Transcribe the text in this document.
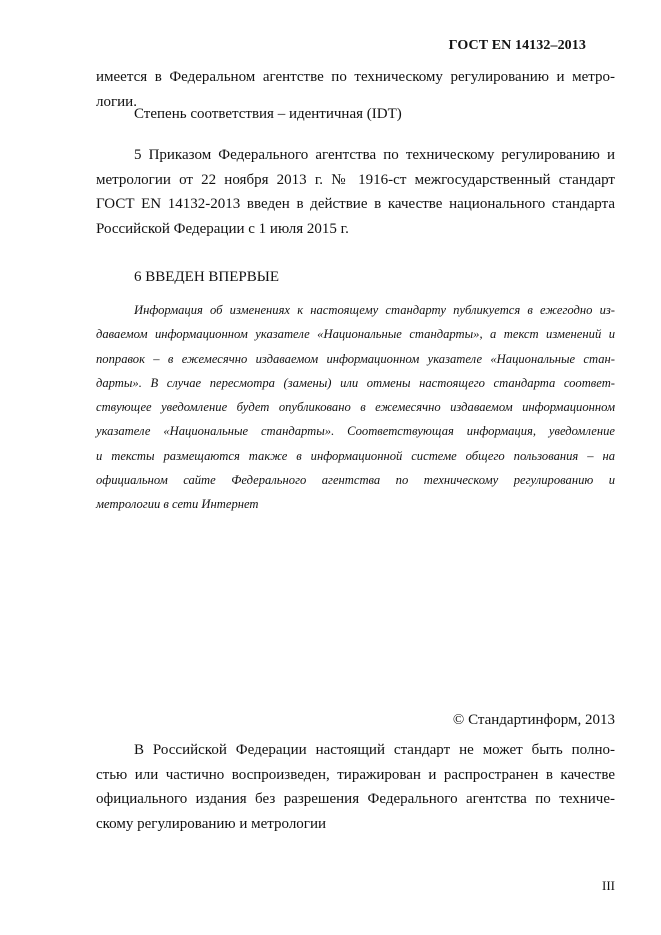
ГОСТ EN 14132–2013
имеется в Федеральном агентстве по техническому регулированию и метро-
логии.
Степень соответствия – идентичная (IDT)
5 Приказом Федерального агентства по техническому регулированию и
метрологии от 22 ноября 2013 г. № 1916-ст межгосударственный стандарт
ГОСТ EN 14132-2013 введен в действие в качестве национального стандарта
Российской Федерации с 1 июля 2015 г.
6 ВВЕДЕН ВПЕРВЫЕ
Информация об изменениях к настоящему стандарту публикуется в ежегодно из-
даваемом информационном указателе «Национальные стандарты», а текст изменений и
поправок – в ежемесячно издаваемом информационном указателе «Национальные стан-
дарты». В случае пересмотра (замены) или отмены настоящего стандарта соответ-
ствующее уведомление будет опубликовано в ежемесячно издаваемом информационном
указателе «Национальные стандарты». Соответствующая информация, уведомление
и тексты размещаются также в информационной системе общего пользования – на
официальном сайте Федерального агентства по техническому регулированию и
метрологии в сети Интернет
© Стандартинформ, 2013
В Российской Федерации настоящий стандарт не может быть полно-
стью или частично воспроизведен, тиражирован и распространен в качестве
официального издания без разрешения Федерального агентства по техниче-
скому регулированию и метрологии
III
